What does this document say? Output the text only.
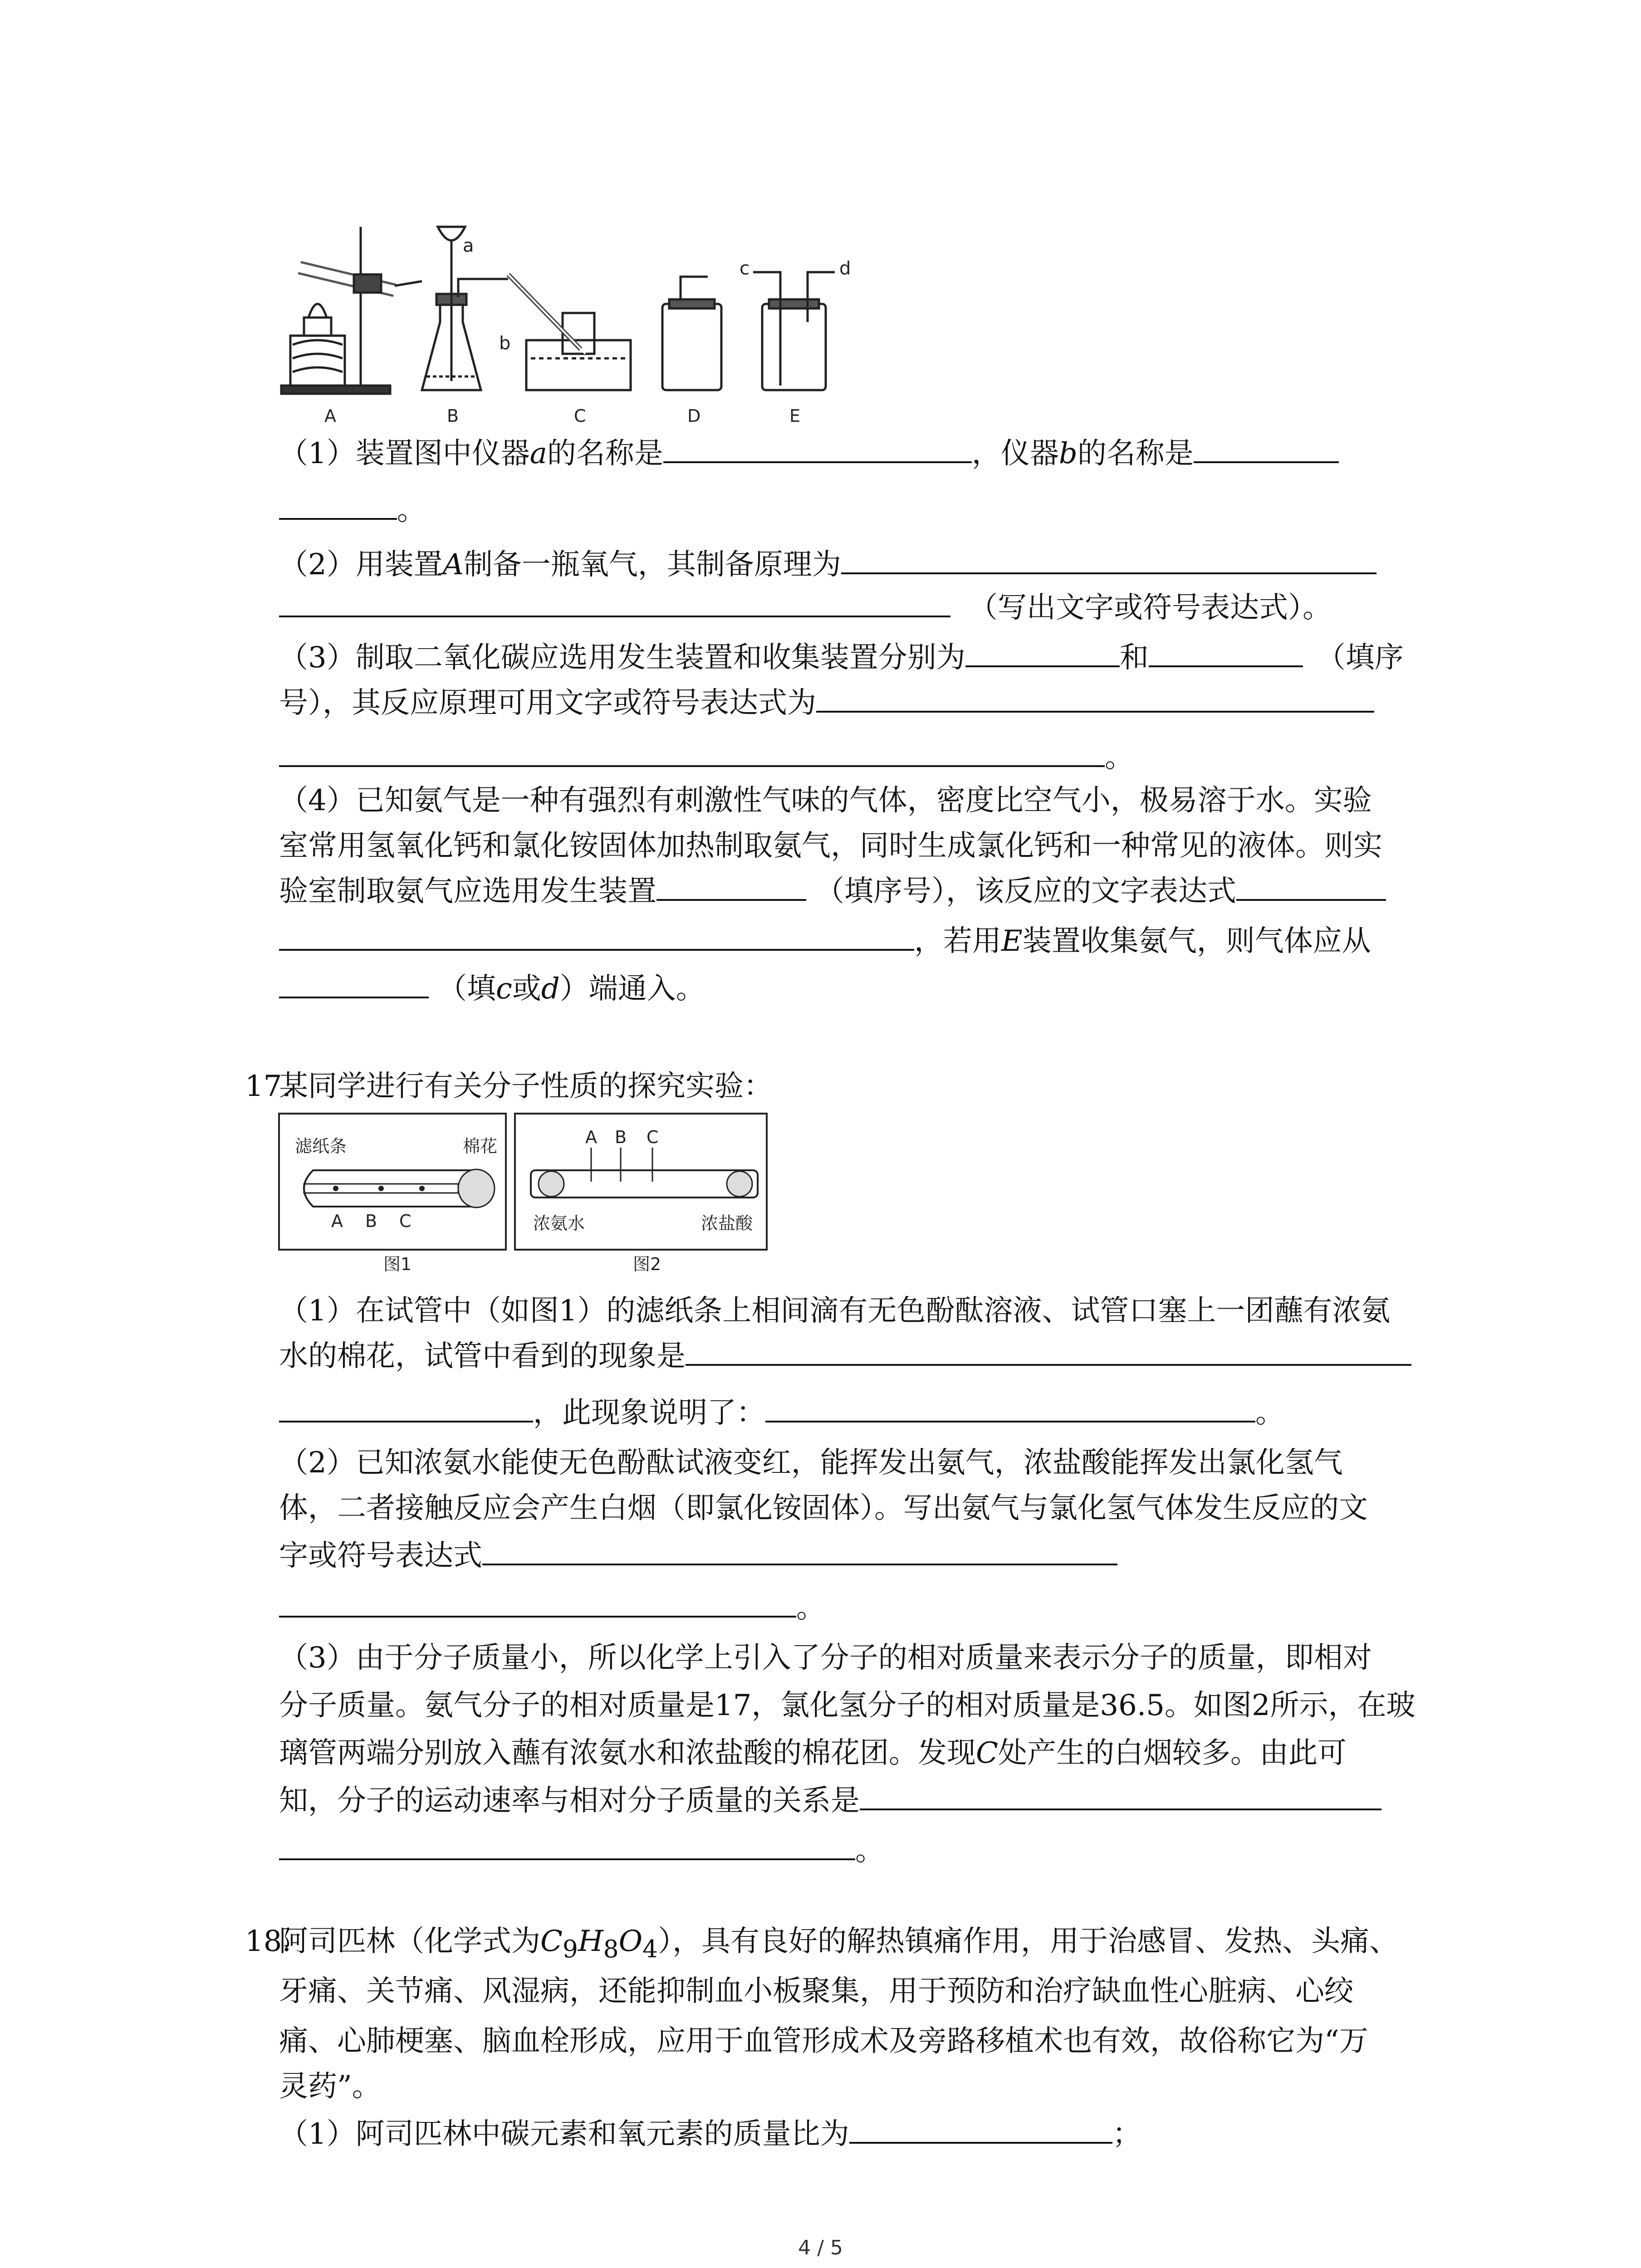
a
b
c	d
A	B	C	D	E
（1）装置图中仪器a的名称是	，仪器b的名称是
。
（2）用装置A制备一瓶氧气，其制备原理为
（写出文字或符号表达式）。
（3）制取二氧化碳应选用发生装置和收集装置分别为	和	（填序
号），其反应原理可用文字或符号表达式为
。
（4）已知氨气是一种有强烈有刺激性气味的气体，密度比空气小，极易溶于水。实验
室常用氢氧化钙和氯化铵固体加热制取氨气，同时生成氯化钙和一种常见的液体。则实
验室制取氨气应选用发生装置	（填序号），该反应的文字表达式
，若用E装置收集氨气，则气体应从
（填c或d）端通入。
17.
某同学进行有关分子性质的探究实验：
滤纸条	棉花
A B C
图1
A B C
浓氨水	浓盐酸
图2
（1）在试管中（如图1）的滤纸条上相间滴有无色酚酞溶液、试管口塞上一团蘸有浓氨
水的棉花，试管中看到的现象是
，此现象说明了：	。
（2）已知浓氨水能使无色酚酞试液变红，能挥发出氨气，浓盐酸能挥发出氯化氢气
体，二者接触反应会产生白烟（即氯化铵固体）。写出氨气与氯化氢气体发生反应的文
字或符号表达式
。
（3）由于分子质量小，所以化学上引入了分子的相对质量来表示分子的质量，即相对
分子质量。氨气分子的相对质量是17，氯化氢分子的相对质量是36.5。如图2所示，在玻
璃管两端分别放入蘸有浓氨水和浓盐酸的棉花团。发现C处产生的白烟较多。由此可
知，分子的运动速率与相对分子质量的关系是
。
18.
阿司匹林（化学式为$C_9H_8O_4$），具有良好的解热镇痛作用，用于治感冒、发热、头痛、
牙痛、关节痛、风湿病，还能抑制血小板聚集，用于预防和治疗缺血性心脏病、心绞
痛、心肺梗塞、脑血栓形成，应用于血管形成术及旁路移植术也有效，故俗称它为“万
灵药”。
（1）阿司匹林中碳元素和氧元素的质量比为	；
4 / 5
